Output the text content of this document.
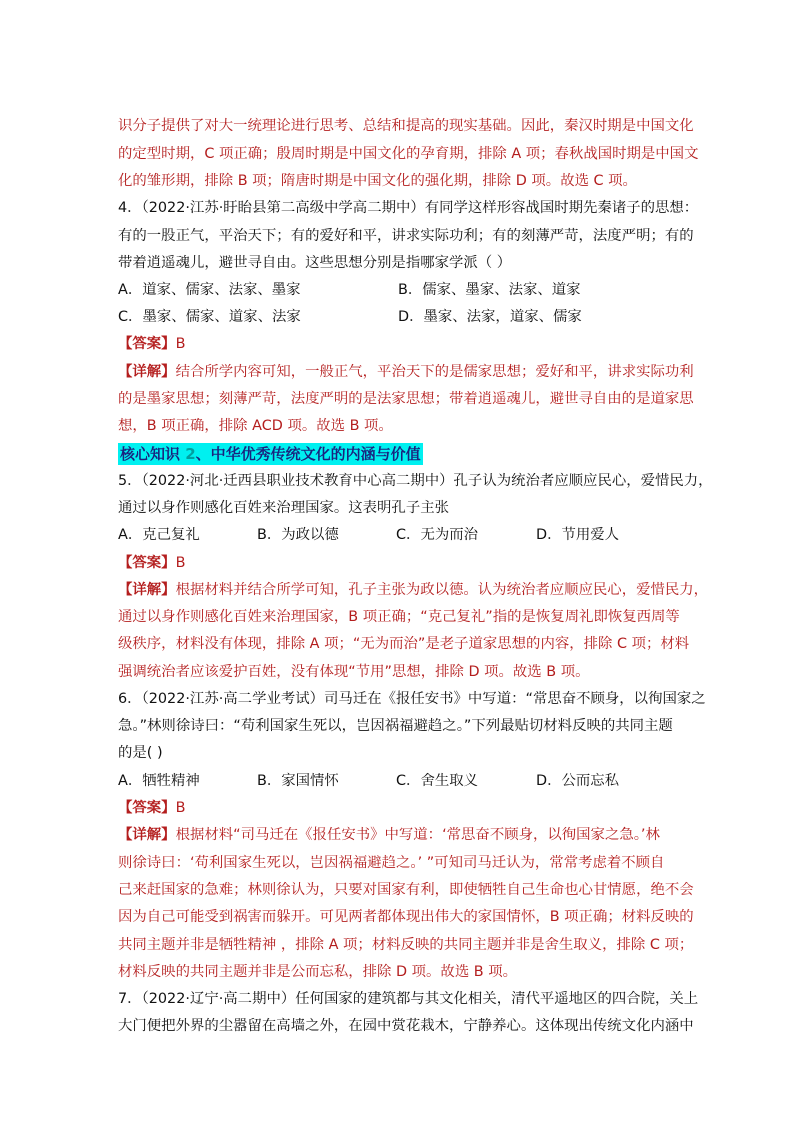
识分子提供了对大一统理论进行思考、总结和提高的现实基础。因此，秦汉时期是中国文化
的定型时期，C 项正确；殷周时期是中国文化的孕育期，排除 A 项；春秋战国时期是中国文
化的雏形期，排除 B 项；隋唐时期是中国文化的强化期，排除 D 项。故选 C 项。
4．（2022·江苏·盱眙县第二高级中学高二期中）有同学这样形容战国时期先秦诸子的思想：
有的一股正气，平治天下；有的爱好和平，讲求实际功利；有的刻薄严苛，法度严明；有的
带着逍遥魂儿，避世寻自由。这些思想分别是指哪家学派（ ）
A．道家、儒家、法家、墨家	B．儒家、墨家、法家、道家
C．墨家、儒家、道家、法家	D．墨家、法家，道家、儒家
【答案】B
【详解】结合所学内容可知，一般正气，平治天下的是儒家思想；爱好和平，讲求实际功利
的是墨家思想；刻薄严苛，法度严明的是法家思想；带着逍遥魂儿，避世寻自由的是道家思
想，B 项正确，排除 ACD 项。故选 B 项。
核心知识 2、中华优秀传统文化的内涵与价值
5．（2022·河北·迁西县职业技术教育中心高二期中）孔子认为统治者应顺应民心，爱惜民力，
通过以身作则感化百姓来治理国家。这表明孔子主张
A．克己复礼	B．为政以德	C．无为而治	D．节用爱人
【答案】B
【详解】根据材料并结合所学可知，孔子主张为政以德。认为统治者应顺应民心，爱惜民力，
通过以身作则感化百姓来治理国家，B 项正确；“克己复礼”指的是恢复周礼即恢复西周等
级秩序，材料没有体现，排除 A 项；“无为而治”是老子道家思想的内容，排除 C 项；材料
强调统治者应该爱护百姓，没有体现“节用”思想，排除 D 项。故选 B 项。
6．（2022·江苏·高二学业考试）司马迁在《报任安书》中写道：“常思奋不顾身，以徇国家之
急。”林则徐诗曰：“苟利国家生死以，岂因祸福避趋之。”下列最贴切材料反映的共同主题
的是( )
A．牺牲精神	B．家国情怀	C．舍生取义	D．公而忘私
【答案】B
【详解】根据材料“司马迁在《报任安书》中写道：‘常思奋不顾身，以徇国家之急。’林
则徐诗曰：‘苟利国家生死以，岂因祸福避趋之。’ ”可知司马迁认为，常常考虑着不顾自
己来赶国家的急难；林则徐认为，只要对国家有利，即使牺牲自己生命也心甘情愿，绝不会
因为自己可能受到祸害而躲开。可见两者都体现出伟大的家国情怀，B 项正确；材料反映的
共同主题并非是牺牲精神 ，排除 A 项；材料反映的共同主题并非是舍生取义，排除 C 项；
材料反映的共同主题并非是公而忘私，排除 D 项。故选 B 项。
7．（2022·辽宁·高二期中）任何国家的建筑都与其文化相关，清代平遥地区的四合院，关上
大门便把外界的尘嚣留在高墙之外，在园中赏花栽木，宁静养心。这体现出传统文化内涵中
